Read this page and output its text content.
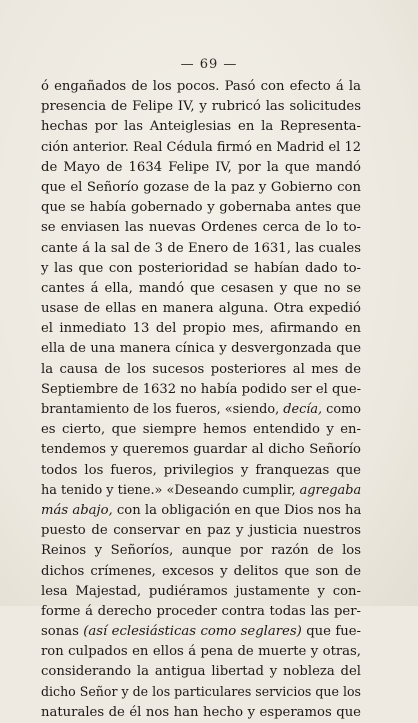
— 69 —
ó engañados de los pocos. Pasó con efecto á la
presencia de Felipe IV, y rubricó las solicitudes
hechas por las Anteiglesias en la Representa-
ción anterior. Real Cédula firmó en Madrid el 12
de Mayo de 1634 Felipe IV, por la que mandó
que el Señorío gozase de la paz y Gobierno con
que se había gobernado y gobernaba antes que
se enviasen las nuevas Ordenes cerca de lo to-
cante á la sal de 3 de Enero de 1631, las cuales
y las que con posterioridad se habían dado to-
cantes á ella, mandó que cesasen y que no se
usase de ellas en manera alguna. Otra expedió
el inmediato 13 del propio mes, afirmando en
ella de una manera cínica y desvergonzada que
la causa de los sucesos posteriores al mes de
Septiembre de 1632 no había podido ser el que-
brantamiento de los fueros, «siendo, decía, como
es cierto, que siempre hemos entendido y en-
tendemos y queremos guardar al dicho Señorío
todos los fueros, privilegios y franquezas que
ha tenido y tiene.» «Deseando cumplir, agregaba
más abajo, con la obligación en que Dios nos ha
puesto de conservar en paz y justicia nuestros
Reinos y Señoríos, aunque por razón de los
dichos crímenes, excesos y delitos que son de
lesa Majestad, pudiéramos justamente y con-
forme á derecho proceder contra todas las per-
sonas (así eclesiásticas como seglares) que fue-
ron culpados en ellos á pena de muerte y otras,
considerando la antigua libertad y nobleza del
dicho Señor y de los particulares servicios que los
naturales de él nos han hecho y esperamos que
